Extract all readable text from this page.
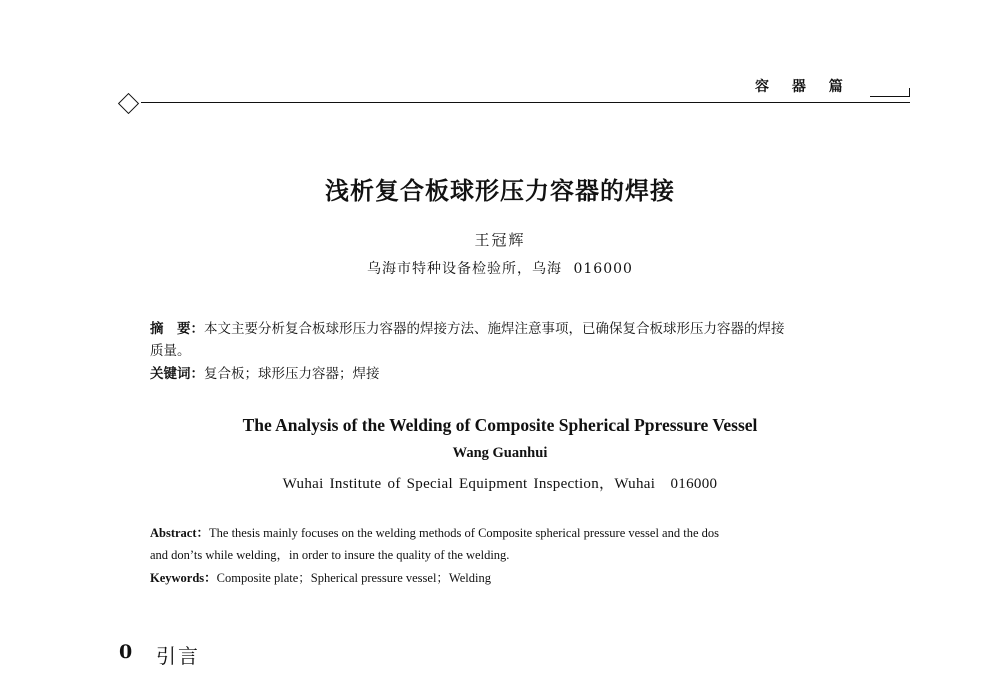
容 器 篇
浅析复合板球形压力容器的焊接
王冠辉
乌海市特种设备检验所，乌海 016000
摘　要：本文主要分析复合板球形压力容器的焊接方法、施焊注意事项，已确保复合板球形压力容器的焊接
质量。
关键词：复合板；球形压力容器；焊接
The Analysis of the Welding of Composite Spherical Ppressure Vessel
Wang Guanhui
Wuhai Institute of Special Equipment Inspection，Wuhai　016000
Abstract：The thesis mainly focuses on the welding methods of Composite spherical pressure vessel and the dos
and don’ts while welding，in order to insure the quality of the welding.
Keywords：Composite plate；Spherical pressure vessel；Welding
0 引言
